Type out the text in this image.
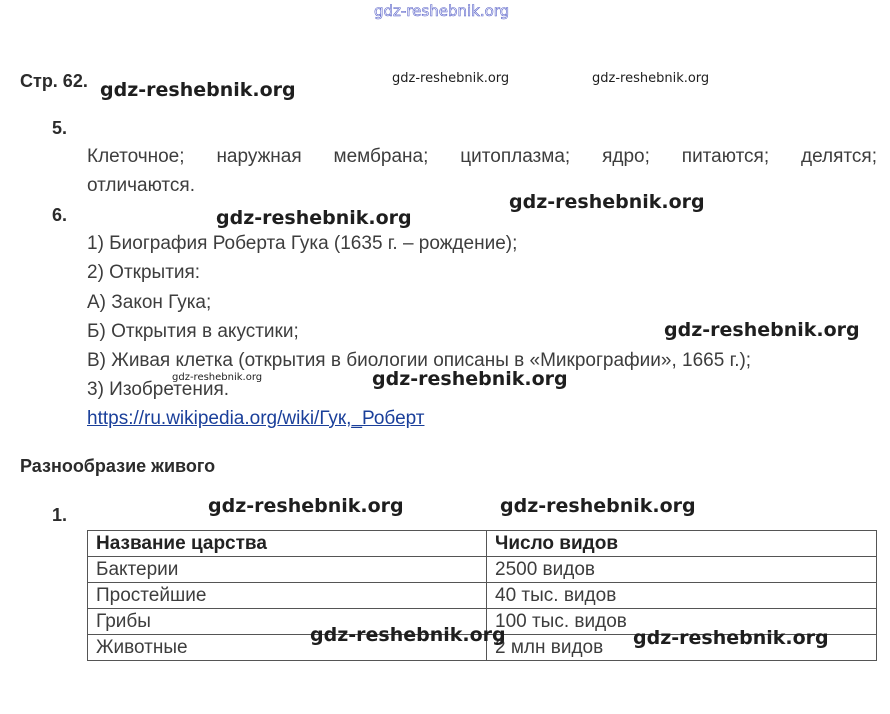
gdz-reshebnik.org
Стр. 62. gdz-reshebnik.org
gdz-reshebnik.org	gdz-reshebnik.org
5.
Клеточное; наружная мембрана; цитоплазма; ядро; питаются; делятся;
отличаются.
6.	gdz-reshebnik.org
gdz-reshebnik.org
1) Биография Роберта Гука (1635 г. – рождение);
2) Открытия:
А) Закон Гука;
Б) Открытия в акустики;	gdz-reshebnik.org
В) Живая клетка (открытия в биологии описаны в «Микрографии», 1665 г.);
3) Изобретения.
gdz-reshebnik.org	gdz-reshebnik.org
https://ru.wikipedia.org/wiki/Гук,_Роберт
Разнообразие живого
1.	gdz-reshebnik.org	gdz-reshebnik.org
Название царства	Число видов
Бактерии	2500 видов
Простейшие	40 тыс. видов
Грибы	100 тыс. видов
Животные	2 млн видов
gdz-reshebnik.org	gdz-reshebnik.org
